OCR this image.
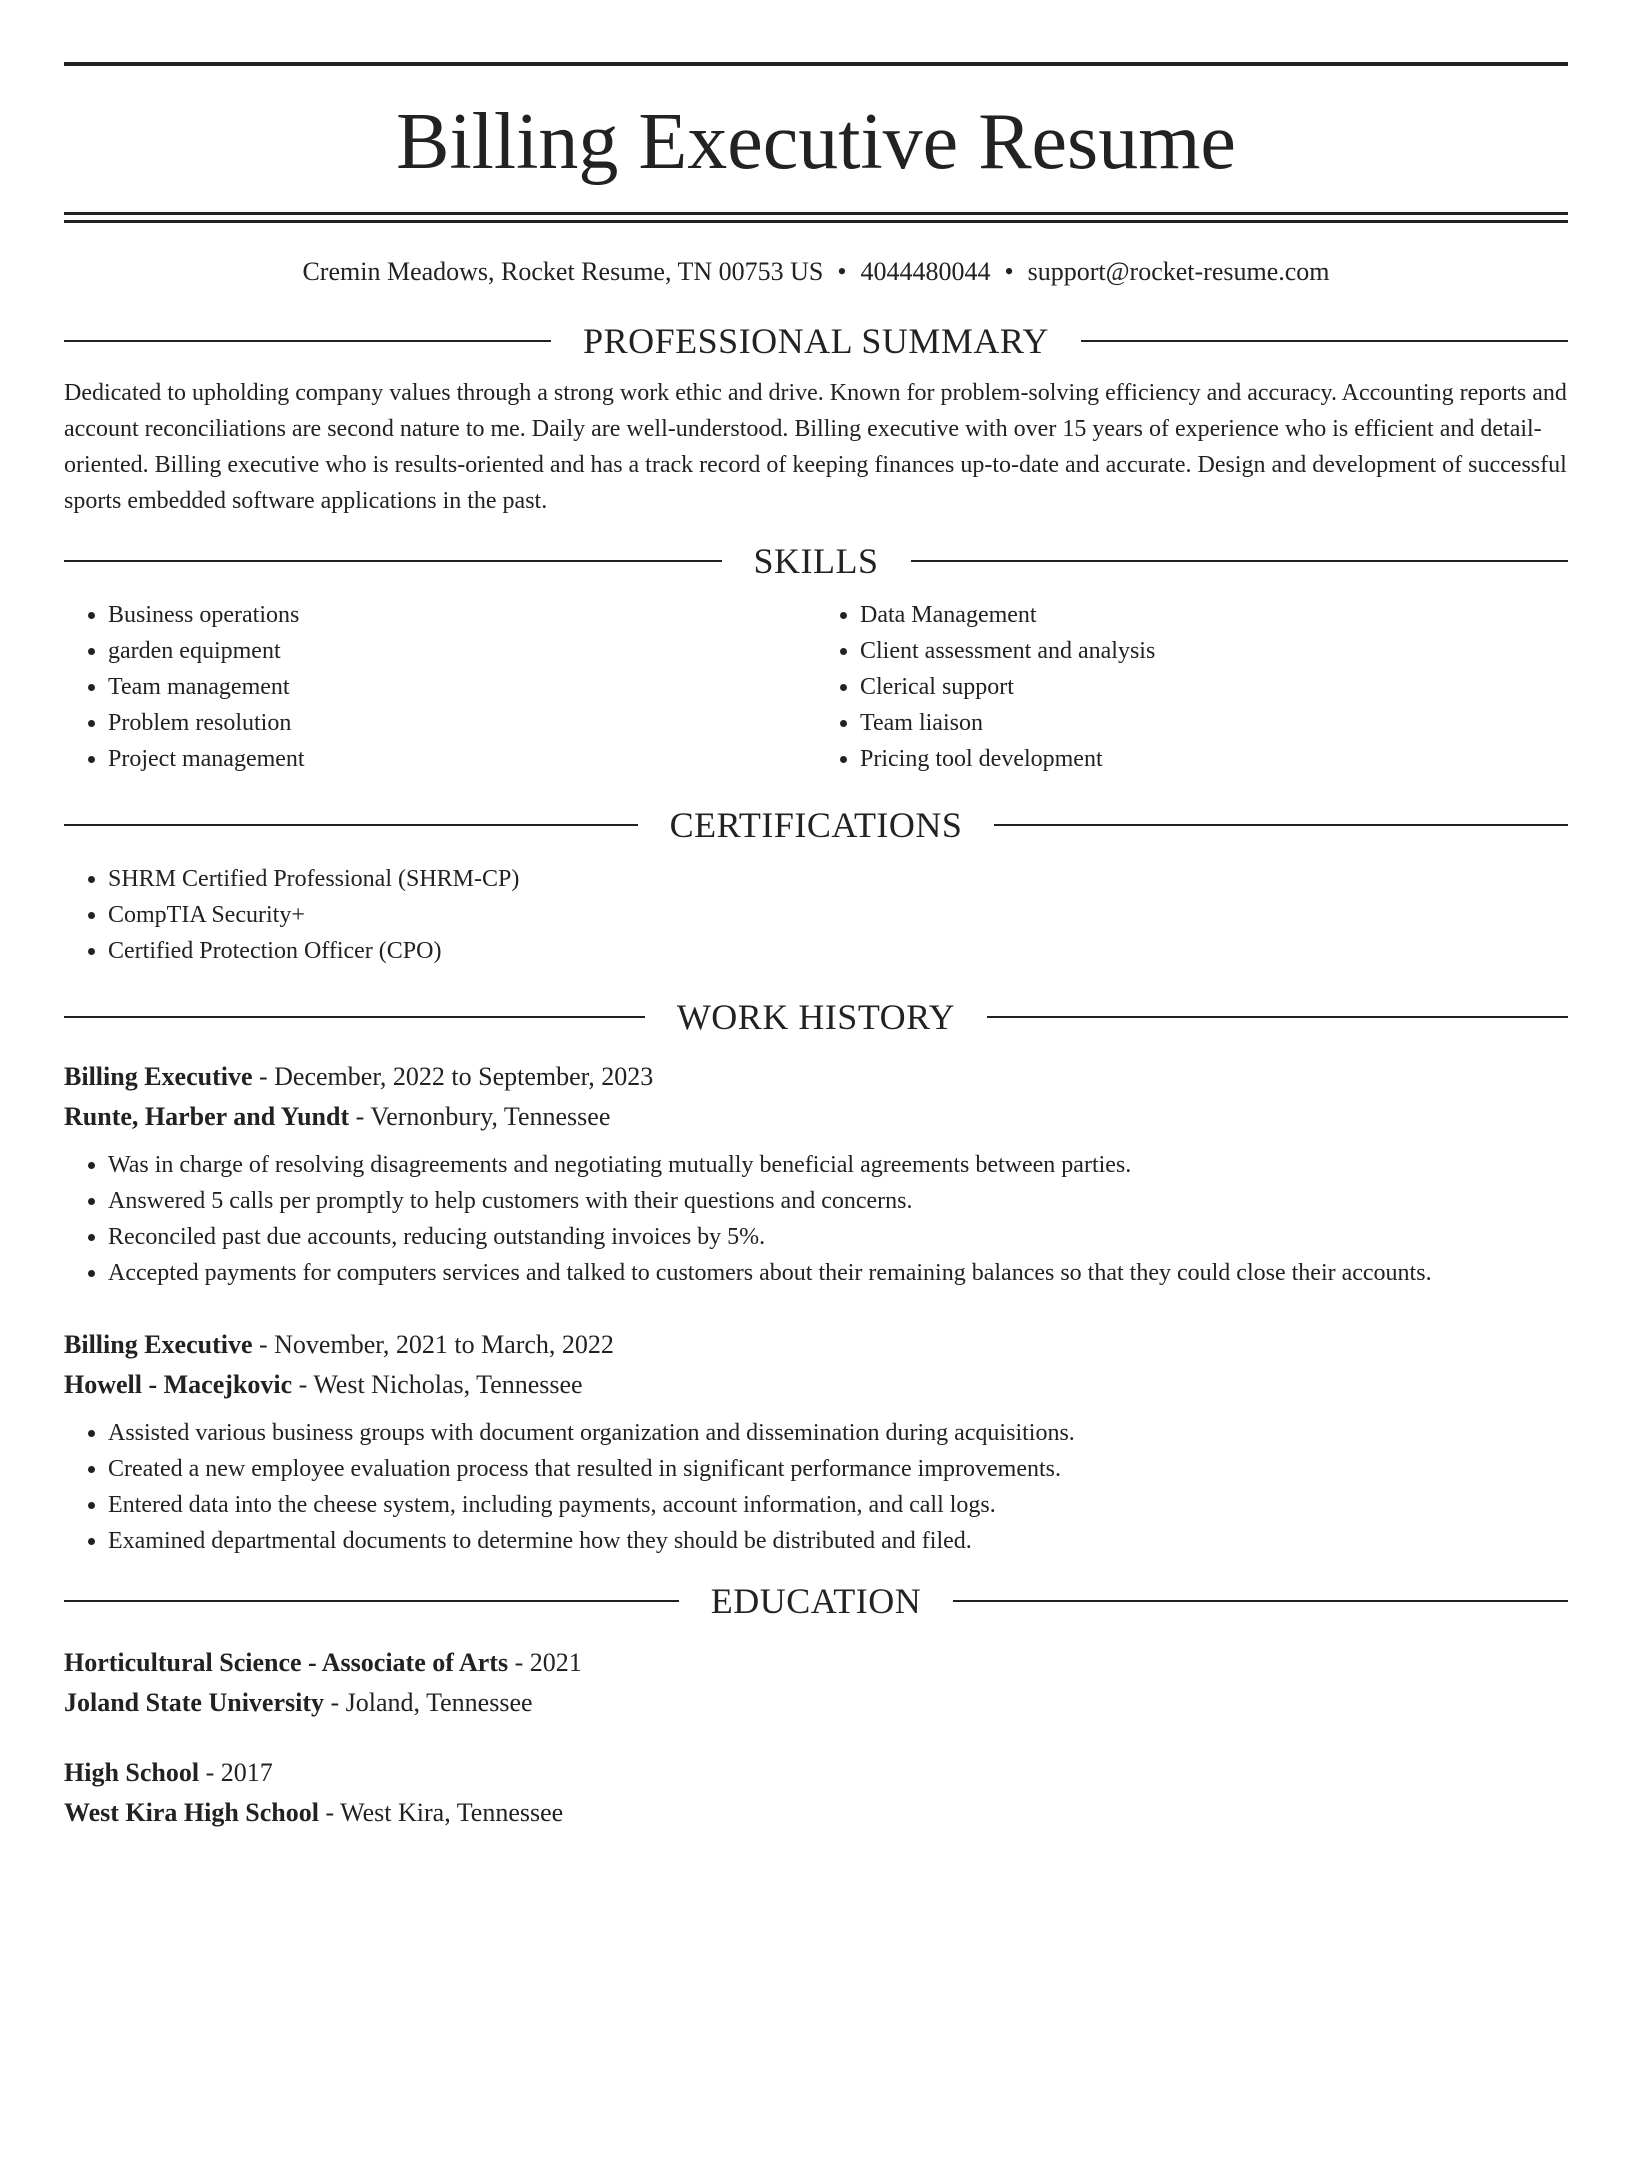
Billing Executive Resume
Cremin Meadows, Rocket Resume, TN 00753 US • 4044480044 • support@rocket-resume.com
PROFESSIONAL SUMMARY

Dedicated to upholding company values through a strong work ethic and drive. Known for problem-solving efficiency and accuracy. Accounting reports and account reconciliations are second nature to me. Daily are well-understood. Billing executive with over 15 years of experience who is efficient and detail-oriented. Billing executive who is results-oriented and has a track record of keeping finances up-to-date and accurate. Design and development of successful sports embedded software applications in the past.

SKILLS
• Business operations
• garden equipment
• Team management
• Problem resolution
• Project management
• Data Management
• Client assessment and analysis
• Clerical support
• Team liaison
• Pricing tool development
CERTIFICATIONS
• SHRM Certified Professional (SHRM-CP)
• CompTIA Security+
• Certified Protection Officer (CPO)
WORK HISTORY
Billing Executive - December, 2022 to September, 2023
Runte, Harber and Yundt - Vernonbury, Tennessee
• Was in charge of resolving disagreements and negotiating mutually beneficial agreements between parties.
• Answered 5 calls per promptly to help customers with their questions and concerns.
• Reconciled past due accounts, reducing outstanding invoices by 5%.
• Accepted payments for computers services and talked to customers about their remaining balances so that they could close their accounts.
Billing Executive - November, 2021 to March, 2022
Howell - Macejkovic - West Nicholas, Tennessee
• Assisted various business groups with document organization and dissemination during acquisitions.
• Created a new employee evaluation process that resulted in significant performance improvements.
• Entered data into the cheese system, including payments, account information, and call logs.
• Examined departmental documents to determine how they should be distributed and filed.
EDUCATION
Horticultural Science - Associate of Arts - 2021
Joland State University - Joland, Tennessee
High School - 2017
West Kira High School - West Kira, Tennessee
